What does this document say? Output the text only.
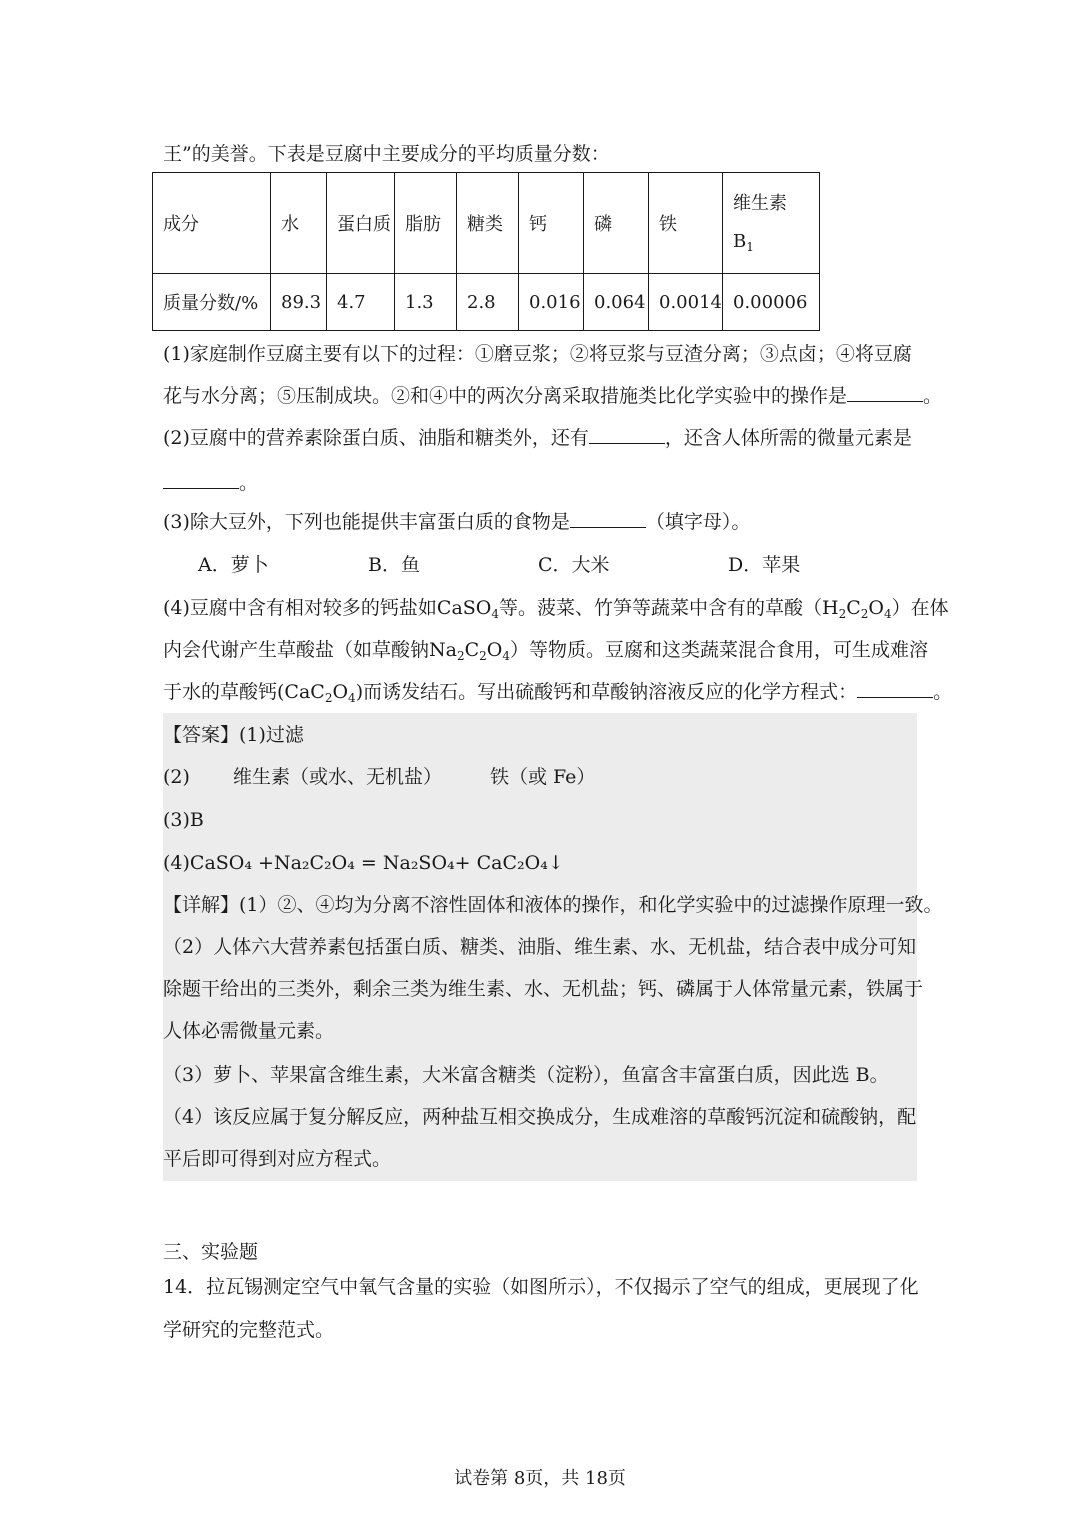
王”的美誉。下表是豆腐中主要成分的平均质量分数：
成分	水	蛋白质	脂肪	糖类	钙	磷	铁	维生素
$B_1$
质量分数/%	89.3	4.7	1.3	2.8	0.016	0.064	0.0014	0.00006
(1)家庭制作豆腐主要有以下的过程：①磨豆浆；②将豆浆与豆渣分离；③点卤；④将豆腐
花与水分离；⑤压制成块。②和④中的两次分离采取措施类比化学实验中的操作是	。
(2)豆腐中的营养素除蛋白质、油脂和糖类外，还有	，还含人体所需的微量元素是
。
(3)除大豆外，下列也能提供丰富蛋白质的食物是	（填字母）。
A．萝卜	B．鱼	C．大米	D．苹果
(4)豆腐中含有相对较多的钙盐如CaSO$_4$等。菠菜、竹笋等蔬菜中含有的草酸$(H_2C_2O_4)$在体
内会代谢产生草酸盐（如草酸钠$Na_2C_2O_4$）等物质。豆腐和这类蔬菜混合食用，可生成难溶
于水的草酸钙$(CaC_2O_4)$而诱发结石。写出硫酸钙和草酸钠溶液反应的化学方程式：	。
【答案】(1)过滤
(2) 维生素（或水、无机盐）	铁（或 Fe）
(3)B
(4)CaSO₄ +Na₂C₂O₄ = Na₂SO₄+ CaC₂O₄↓
【详解】(1）②、④均为分离不溶性固体和液体的操作，和化学实验中的过滤操作原理一致。
（2）人体六大营养素包括蛋白质、糖类、油脂、维生素、水、无机盐，结合表中成分可知
除题干给出的三类外，剩余三类为维生素、水、无机盐；钙、磷属于人体常量元素，铁属于
人体必需微量元素。
（3）萝卜、苹果富含维生素，大米富含糖类（淀粉），鱼富含丰富蛋白质，因此选 B。
（4）该反应属于复分解反应，两种盐互相交换成分，生成难溶的草酸钙沉淀和硫酸钠，配
平后即可得到对应方程式。
三、实验题
14．拉瓦锡测定空气中氧气含量的实验（如图所示），不仅揭示了空气的组成，更展现了化
学研究的完整范式。
试卷第 8页，共 18页
